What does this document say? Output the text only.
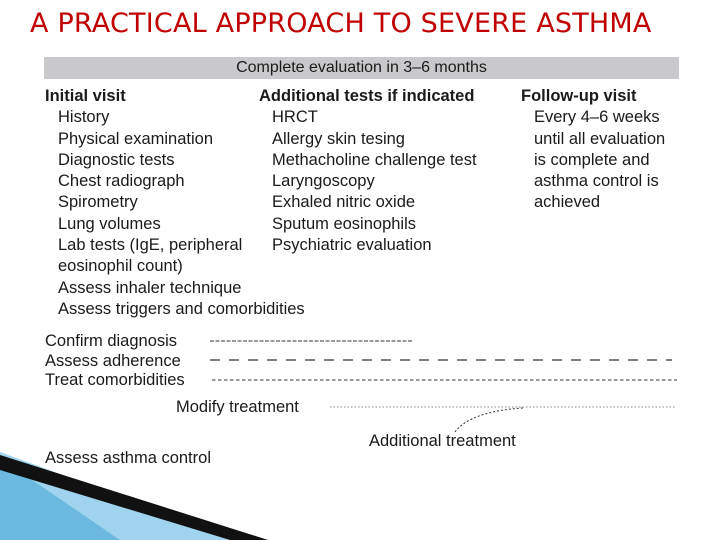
A PRACTICAL APPROACH TO SEVERE ASTHMA
Complete evaluation in 3–6 months
Initial visit
History
Physical examination
Diagnostic tests
Chest radiograph
Spirometry
Lung volumes
Lab tests (IgE, peripheral
eosinophil count)
Assess inhaler technique
Assess triggers and comorbidities
Additional tests if indicated
HRCT
Allergy skin tesing
Methacholine challenge test
Laryngoscopy
Exhaled nitric oxide
Sputum eosinophils
Psychiatric evaluation
Follow-up visit
Every 4–6 weeks
until all evaluation
is complete and
asthma control is
achieved
Confirm diagnosis
Assess adherence
Treat comorbidities
Modify treatment
Additional treatment
Assess asthma control
